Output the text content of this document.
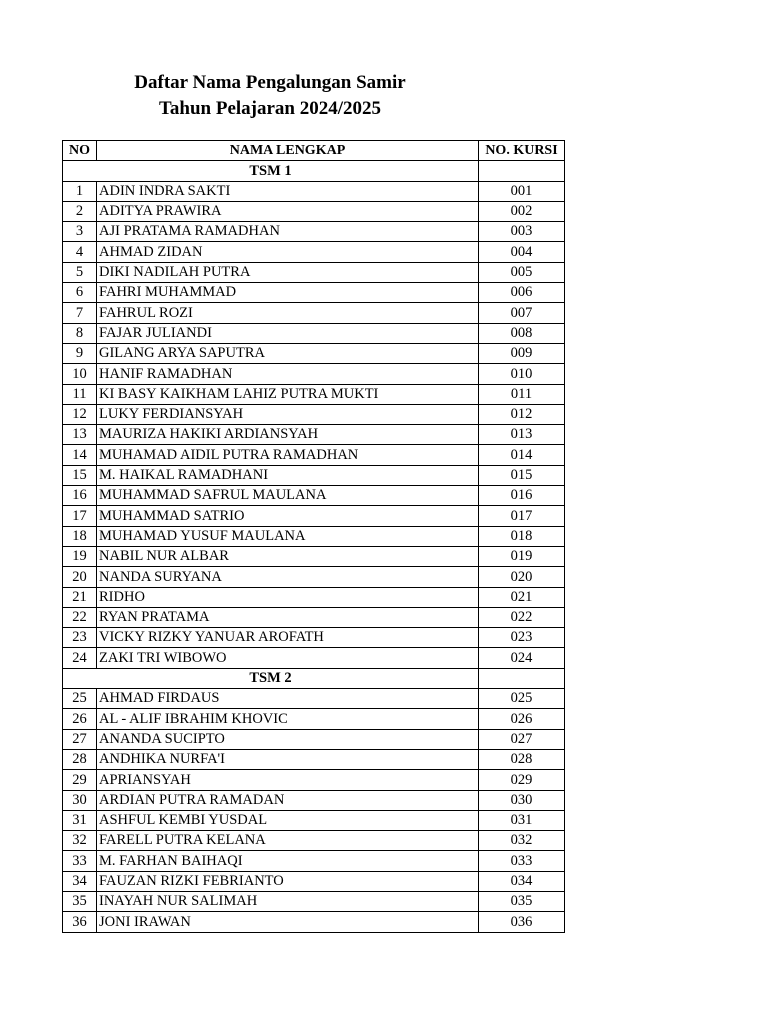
Daftar Nama Pengalungan Samir
Tahun Pelajaran 2024/2025
NO	NAMA LENGKAP	NO. KURSI
TSM 1		
1	ADIN INDRA SAKTI	001
2	ADITYA PRAWIRA	002
3	AJI PRATAMA RAMADHAN	003
4	AHMAD ZIDAN	004
5	DIKI NADILAH PUTRA	005
6	FAHRI MUHAMMAD	006
7	FAHRUL ROZI	007
8	FAJAR JULIANDI	008
9	GILANG ARYA SAPUTRA	009
10	HANIF RAMADHAN	010
11	KI BASY KAIKHAM LAHIZ PUTRA MUKTI	011
12	LUKY FERDIANSYAH	012
13	MAURIZA HAKIKI ARDIANSYAH	013
14	MUHAMAD AIDIL PUTRA RAMADHAN	014
15	M. HAIKAL RAMADHANI	015
16	MUHAMMAD SAFRUL MAULANA	016
17	MUHAMMAD SATRIO	017
18	MUHAMAD YUSUF MAULANA	018
19	NABIL NUR ALBAR	019
20	NANDA SURYANA	020
21	RIDHO	021
22	RYAN PRATAMA	022
23	VICKY RIZKY YANUAR AROFATH	023
24	ZAKI TRI WIBOWO	024
TSM 2		
25	AHMAD FIRDAUS	025
26	AL - ALIF IBRAHIM KHOVIC	026
27	ANANDA SUCIPTO	027
28	ANDHIKA NURFA'I	028
29	APRIANSYAH	029
30	ARDIAN PUTRA RAMADAN	030
31	ASHFUL KEMBI YUSDAL	031
32	FARELL PUTRA KELANA	032
33	M. FARHAN BAIHAQI	033
34	FAUZAN RIZKI FEBRIANTO	034
35	INAYAH NUR SALIMAH	035
36	JONI IRAWAN	036
